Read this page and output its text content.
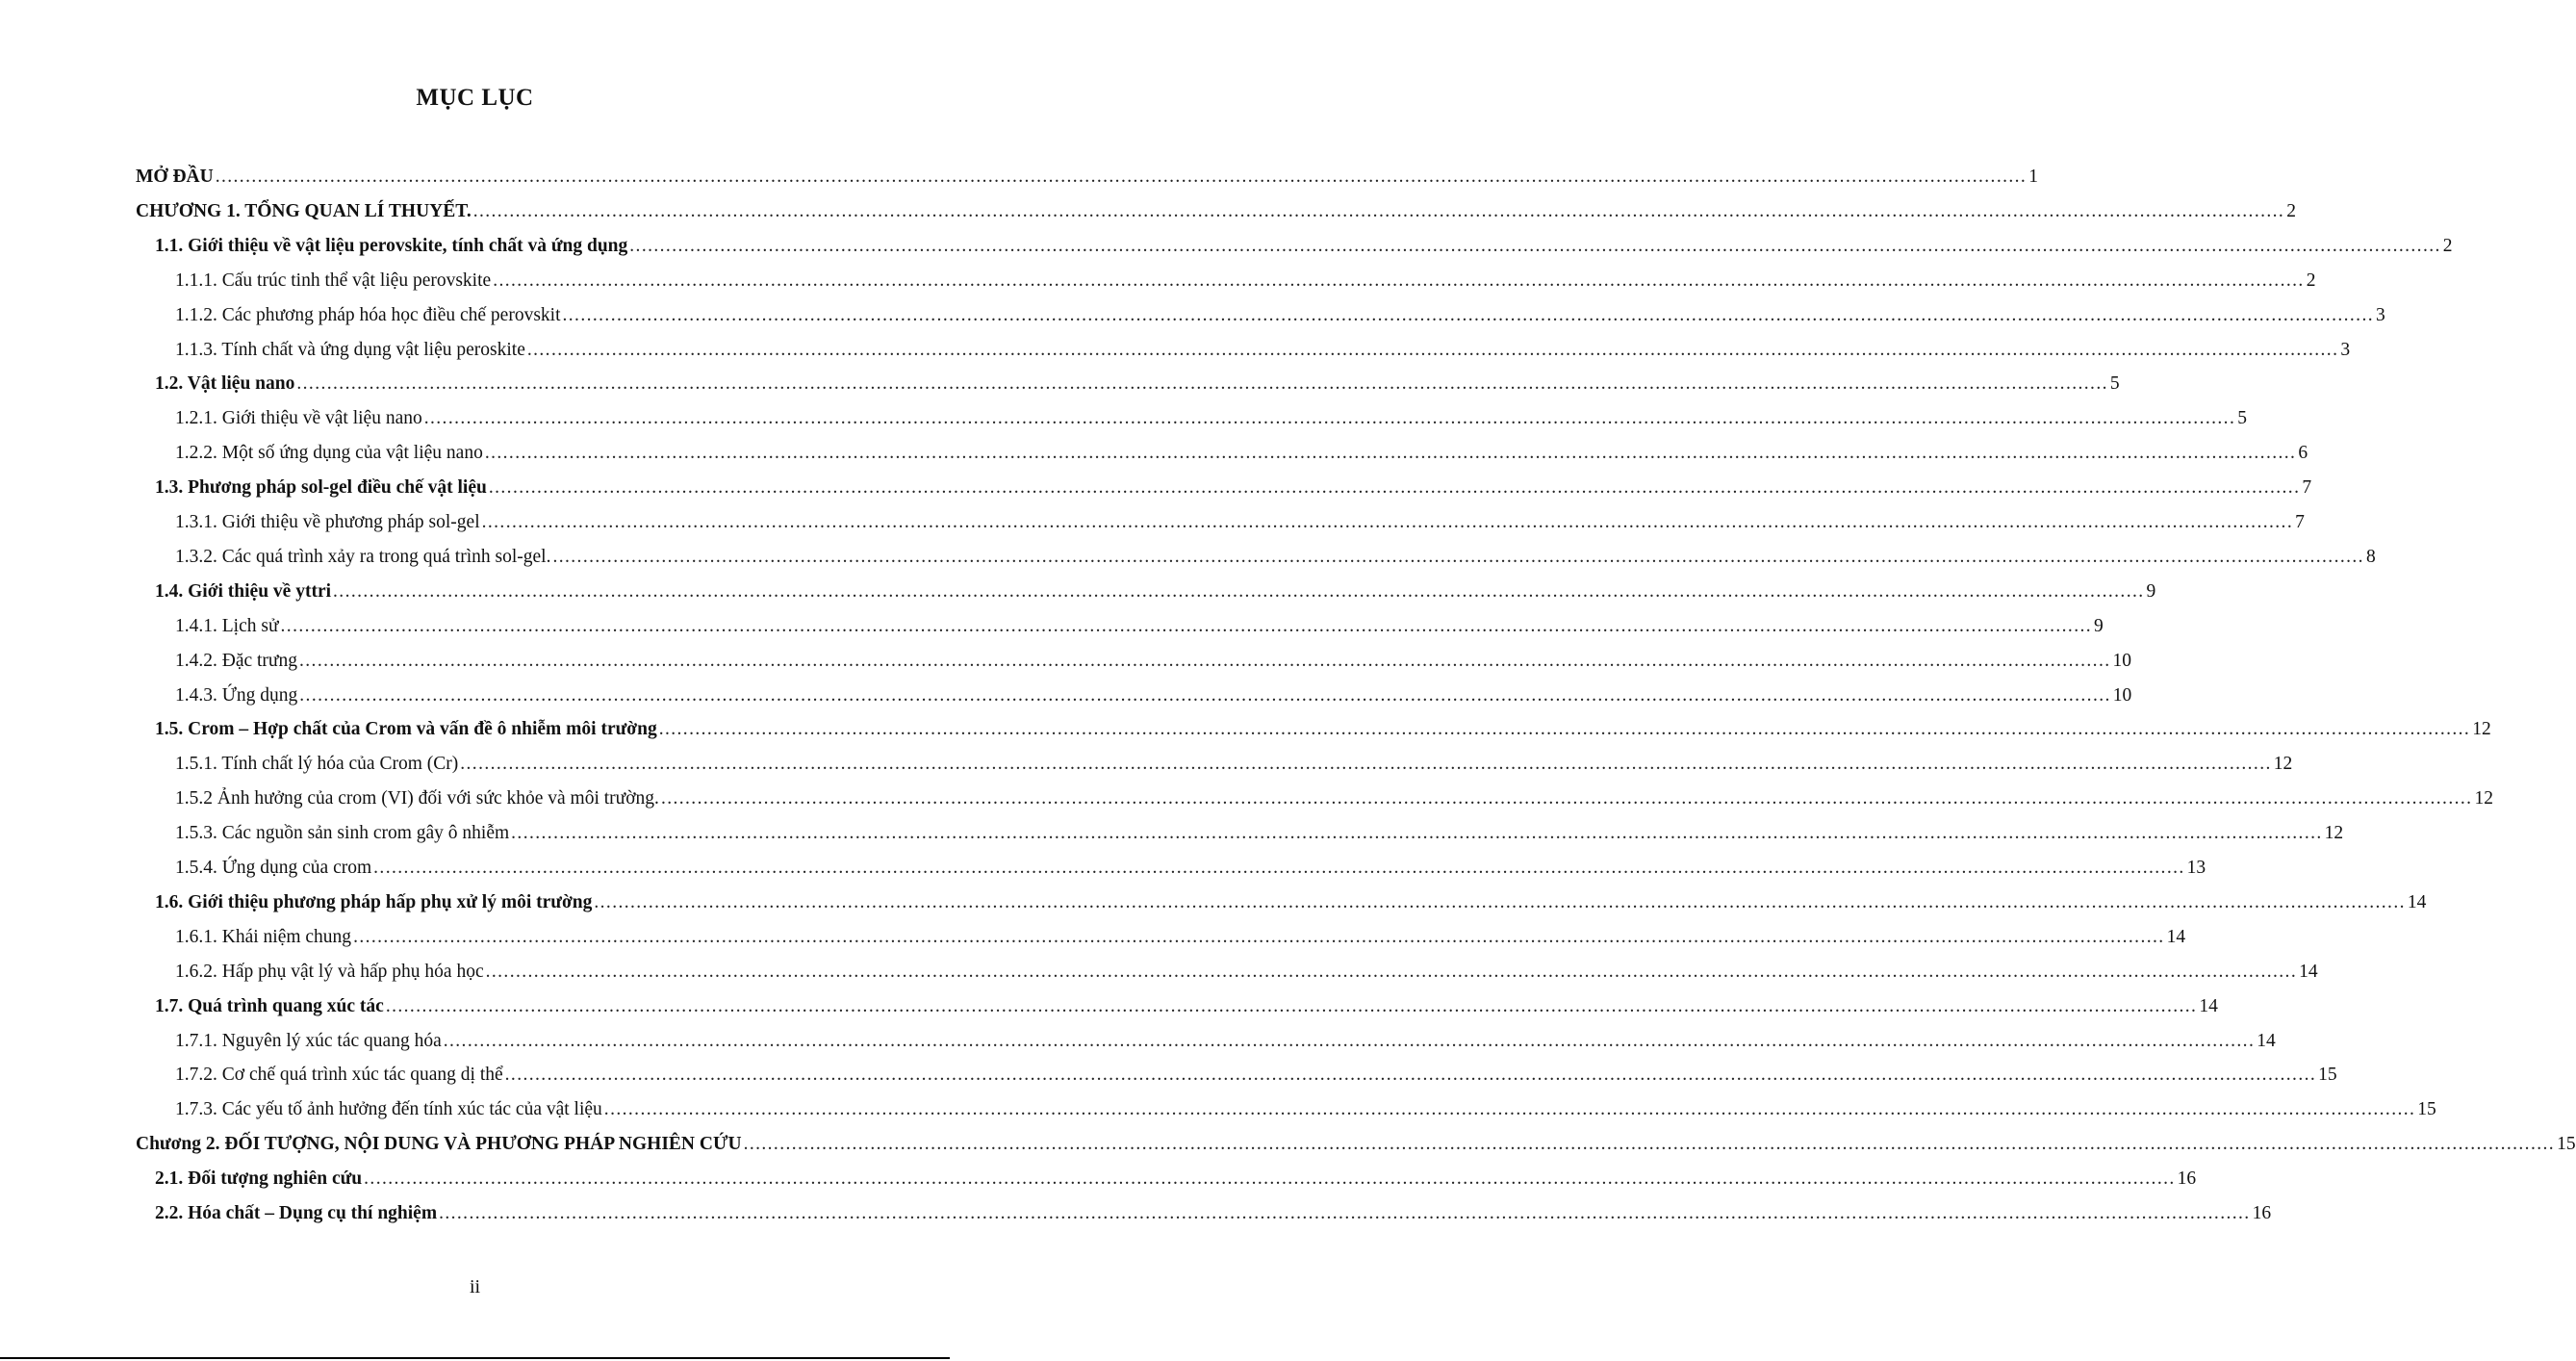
MỤC LỤC
MỞ ĐẦU ............................................................................................................................................................................................................................................................................................................ 1
CHƯƠNG 1. TỔNG QUAN LÍ THUYẾT. ............................................................................................................................................................................................................................................................................................................ 2
1.1. Giới thiệu về vật liệu perovskite, tính chất và ứng dụng ............................................................................................................................................................................................................................................................................................................ 2
1.1.1. Cấu trúc tinh thể vật liệu perovskite ............................................................................................................................................................................................................................................................................................................ 2
1.1.2. Các phương pháp hóa học điều chế perovskit ............................................................................................................................................................................................................................................................................................................ 3
1.1.3. Tính chất và ứng dụng vật liệu peroskite ............................................................................................................................................................................................................................................................................................................ 3
1.2. Vật liệu nano ............................................................................................................................................................................................................................................................................................................ 5
1.2.1. Giới thiệu về vật liệu nano ............................................................................................................................................................................................................................................................................................................ 5
1.2.2. Một số ứng dụng của vật liệu nano ............................................................................................................................................................................................................................................................................................................ 6
1.3. Phương pháp sol-gel điều chế vật liệu ............................................................................................................................................................................................................................................................................................................ 7
1.3.1. Giới thiệu về phương pháp sol-gel ............................................................................................................................................................................................................................................................................................................ 7
1.3.2. Các quá trình xảy ra trong quá trình sol-gel. ............................................................................................................................................................................................................................................................................................................ 8
1.4. Giới thiệu về yttri ............................................................................................................................................................................................................................................................................................................ 9
1.4.1. Lịch sử ............................................................................................................................................................................................................................................................................................................ 9
1.4.2. Đặc trưng ............................................................................................................................................................................................................................................................................................................ 10
1.4.3. Ứng dụng ............................................................................................................................................................................................................................................................................................................ 10
1.5. Crom – Hợp chất của Crom và vấn đề ô nhiễm môi trường ............................................................................................................................................................................................................................................................................................................ 12
1.5.1. Tính chất lý hóa của Crom (Cr) ............................................................................................................................................................................................................................................................................................................ 12
1.5.2 Ảnh hưởng của crom (VI) đối với sức khỏe và môi trường. ............................................................................................................................................................................................................................................................................................................ 12
1.5.3. Các nguồn sản sinh crom gây ô nhiễm ............................................................................................................................................................................................................................................................................................................ 12
1.5.4. Ứng dụng của crom ............................................................................................................................................................................................................................................................................................................ 13
1.6. Giới thiệu phương pháp hấp phụ xử lý môi trường ............................................................................................................................................................................................................................................................................................................ 14
1.6.1. Khái niệm chung ............................................................................................................................................................................................................................................................................................................ 14
1.6.2. Hấp phụ vật lý và hấp phụ hóa học ............................................................................................................................................................................................................................................................................................................ 14
1.7. Quá trình quang xúc tác ............................................................................................................................................................................................................................................................................................................ 14
1.7.1. Nguyên lý xúc tác quang hóa ............................................................................................................................................................................................................................................................................................................ 14
1.7.2. Cơ chế quá trình xúc tác quang dị thể ............................................................................................................................................................................................................................................................................................................ 15
1.7.3. Các yếu tố ảnh hưởng đến tính xúc tác của vật liệu ............................................................................................................................................................................................................................................................................................................ 15
Chương 2. ĐỐI TƯỢNG, NỘI DUNG VÀ PHƯƠNG PHÁP NGHIÊN CỨU ............................................................................................................................................................................................................................................................................................................ 15
2.1. Đối tượng nghiên cứu ............................................................................................................................................................................................................................................................................................................ 16
2.2. Hóa chất – Dụng cụ thí nghiệm ............................................................................................................................................................................................................................................................................................................ 16
ii
